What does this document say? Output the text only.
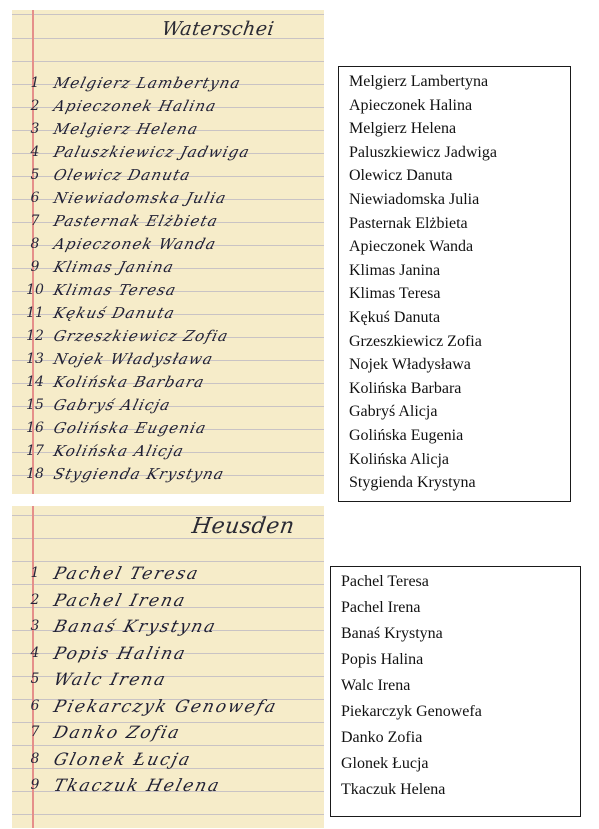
Waterschei
1 Melgierz Lambertyna
2 Apieczonek Halina
3 Melgierz Helena
4 Paluszkiewicz Jadwiga
5 Olewicz Danuta
6 Niewiadomska Julia
7 Pasternak Elżbieta
8 Apieczonek Wanda
9 Klimas Janina
10 Klimas Teresa
11 Kękuś Danuta
12 Grzeszkiewicz Zofia
13 Nojek Władysława
14 Kolińska Barbara
15 Gabryś Alicja
16 Golińska Eugenia
17 Kolińska Alicja
18 Stygienda Krystyna
Melgierz Lambertyna
Apieczonek Halina
Melgierz Helena
Paluszkiewicz Jadwiga
Olewicz Danuta
Niewiadomska Julia
Pasternak Elżbieta
Apieczonek Wanda
Klimas Janina
Klimas Teresa
Kękuś Danuta
Grzeszkiewicz Zofia
Nojek Władysława
Kolińska Barbara
Gabryś Alicja
Golińska Eugenia
Kolińska Alicja
Stygienda Krystyna
Heusden
1 Pachel Teresa
2 Pachel Irena
3 Banaś Krystyna
4 Popis Halina
5 Walc Irena
6 Piekarczyk Genowefa
7 Danko Zofia
8 Glonek Łucja
9 Tkaczuk Helena
Pachel Teresa
Pachel Irena
Banaś Krystyna
Popis Halina
Walc Irena
Piekarczyk Genowefa
Danko Zofia
Glonek Łucja
Tkaczuk Helena
